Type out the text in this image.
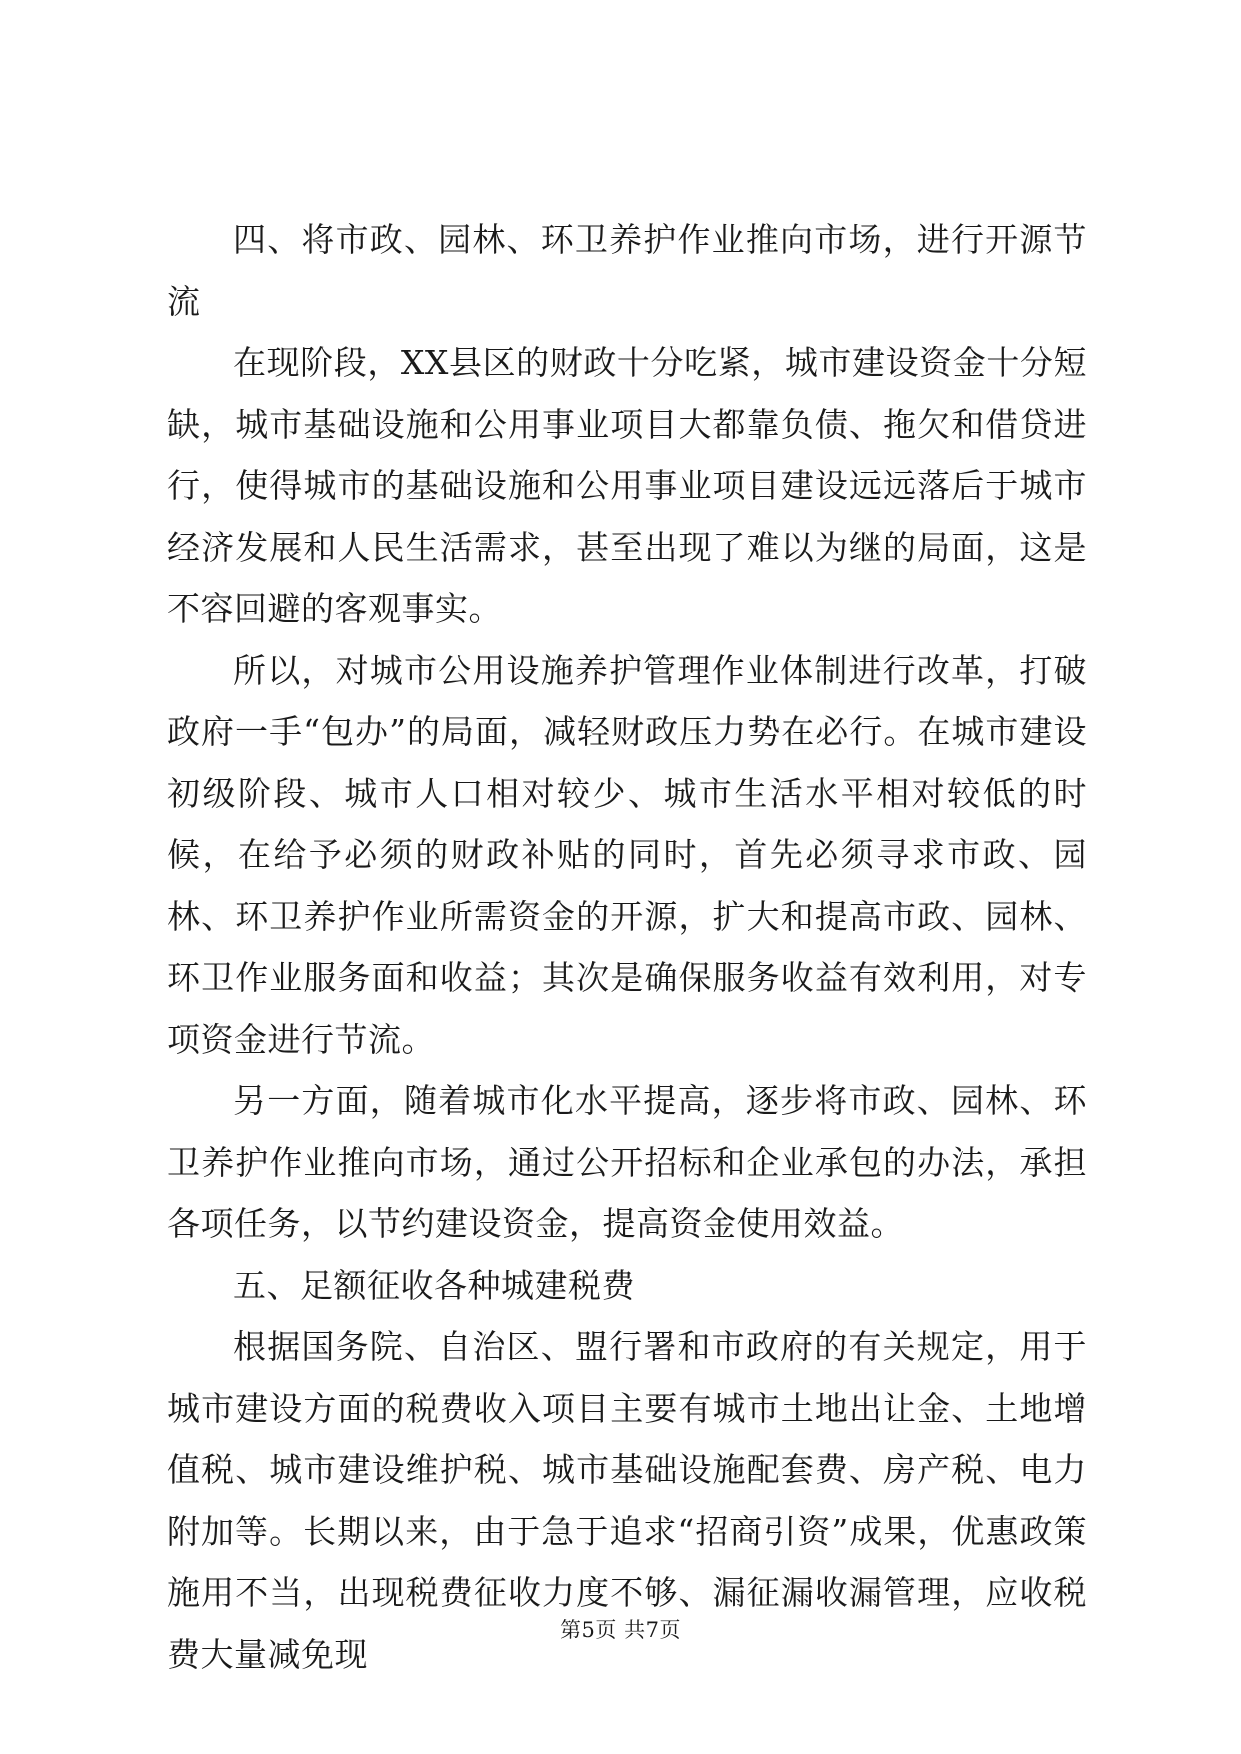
四、将市政、园林、环卫养护作业推向市场，进行开源节流

在现阶段，XX县区的财政十分吃紧，城市建设资金十分短缺，城市基础设施和公用事业项目大都靠负债、拖欠和借贷进行，使得城市的基础设施和公用事业项目建设远远落后于城市经济发展和人民生活需求，甚至出现了难以为继的局面，这是不容回避的客观事实。

所以，对城市公用设施养护管理作业体制进行改革，打破政府一手“包办”的局面，减轻财政压力势在必行。在城市建设初级阶段、城市人口相对较少、城市生活水平相对较低的时候，在给予必须的财政补贴的同时，首先必须寻求市政、园林、环卫养护作业所需资金的开源，扩大和提高市政、园林、环卫作业服务面和收益；其次是确保服务收益有效利用，对专项资金进行节流。

另一方面，随着城市化水平提高，逐步将市政、园林、环卫养护作业推向市场，通过公开招标和企业承包的办法，承担各项任务，以节约建设资金，提高资金使用效益。

五、足额征收各种城建税费

根据国务院、自治区、盟行署和市政府的有关规定，用于城市建设方面的税费收入项目主要有城市土地出让金、土地增值税、城市建设维护税、城市基础设施配套费、房产税、电力附加等。长期以来，由于急于追求“招商引资”成果，优惠政策施用不当，出现税费征收力度不够、漏征漏收漏管理，应收税费大量减免现

第5页 共7页
